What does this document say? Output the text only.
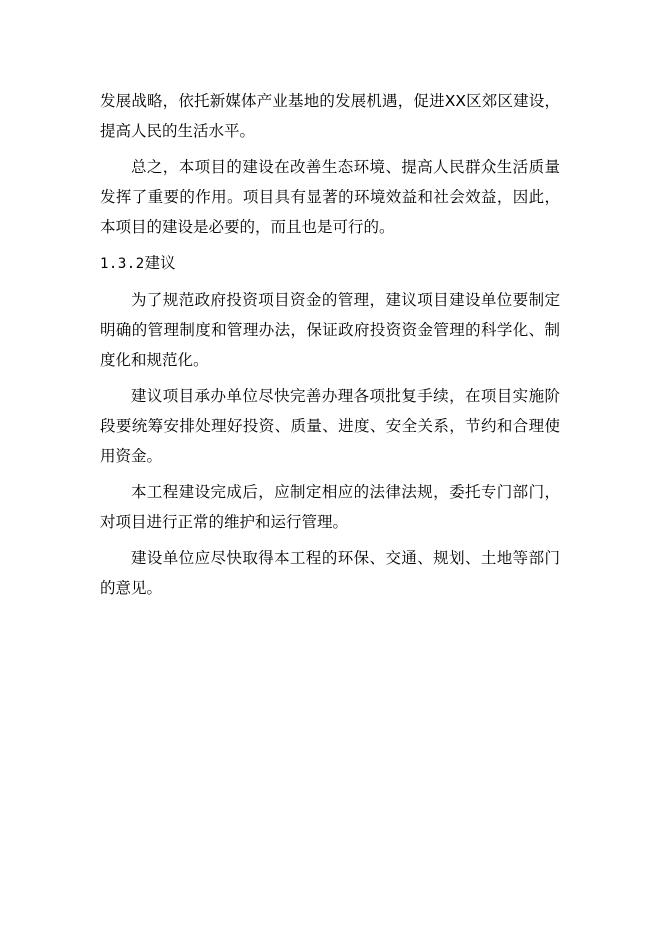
发展战略，依托新媒体产业基地的发展机遇，促进XX区郊区建设，提高人民的生活水平。

总之，本项目的建设在改善生态环境、提高人民群众生活质量发挥了重要的作用。项目具有显著的环境效益和社会效益，因此，本项目的建设是必要的，而且也是可行的。

1.3.2建议

为了规范政府投资项目资金的管理，建议项目建设单位要制定明确的管理制度和管理办法，保证政府投资资金管理的科学化、制度化和规范化。

建议项目承办单位尽快完善办理各项批复手续，在项目实施阶段要统筹安排处理好投资、质量、进度、安全关系，节约和合理使用资金。

本工程建设完成后，应制定相应的法律法规，委托专门部门，对项目进行正常的维护和运行管理。

建设单位应尽快取得本工程的环保、交通、规划、土地等部门的意见。
